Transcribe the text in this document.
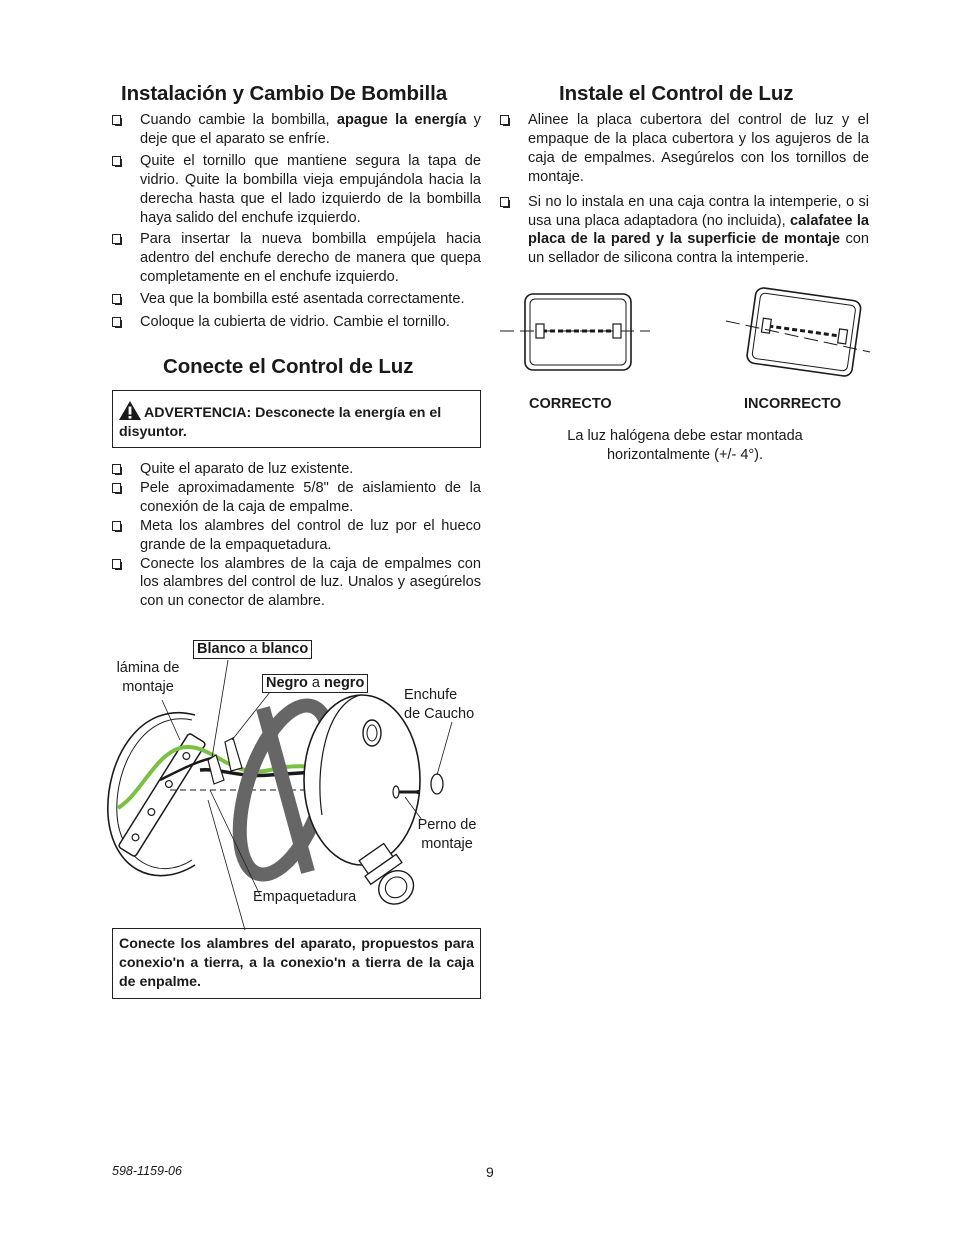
Instalación y Cambio De Bombilla
Cuando cambie la bombilla, apague la energía y deje que el aparato se enfríe.
Quite el tornillo que mantiene segura la tapa de vidrio. Quite la bombilla vieja empujándola hacia la derecha hasta que el lado izquierdo de la bombilla haya salido del enchufe izquierdo.
Para insertar la nueva bombilla empújela hacia adentro del enchufe derecho de manera que quepa completamente en el enchufe izquierdo.
Vea que la bombilla esté asentada correctamente.
Coloque la cubierta de vidrio. Cambie el tornillo.
Conecte el Control de Luz
ADVERTENCIA: Desconecte la energía en el disyuntor.
Quite el aparato de luz existente.
Pele aproximadamente 5/8" de aislamiento de la conexión de la caja de empalme.
Meta los alambres del control de luz por el hueco grande de la empaquetadura.
Conecte los alambres de la caja de empalmes con los alambres del control de luz. Unalos y asegúrelos con un conector de alambre.
lámina de
montaje
Blanco a blanco
Negro a negro
Enchufe
de Caucho
Perno de
montaje
Empaquetadura
Conecte los alambres del aparato, propuestos para conexio'n a tierra, a la conexio'n a tierra de la caja de enpalme.
Instale el Control de Luz
Alinee la placa cubertora del control de luz y el empaque de la placa cubertora y los agujeros de la caja de empalmes. Asegúrelos con los tornillos de montaje.
Si no lo instala en una caja contra la intemperie, o si usa una placa adaptadora (no incluida), calafatee la placa de la pared y la superficie de montaje con un sellador de silicona contra la intemperie.
CORRECTO	INCORRECTO
La luz halógena debe estar montada horizontalmente (+/- 4°).
598-1159-06	9
